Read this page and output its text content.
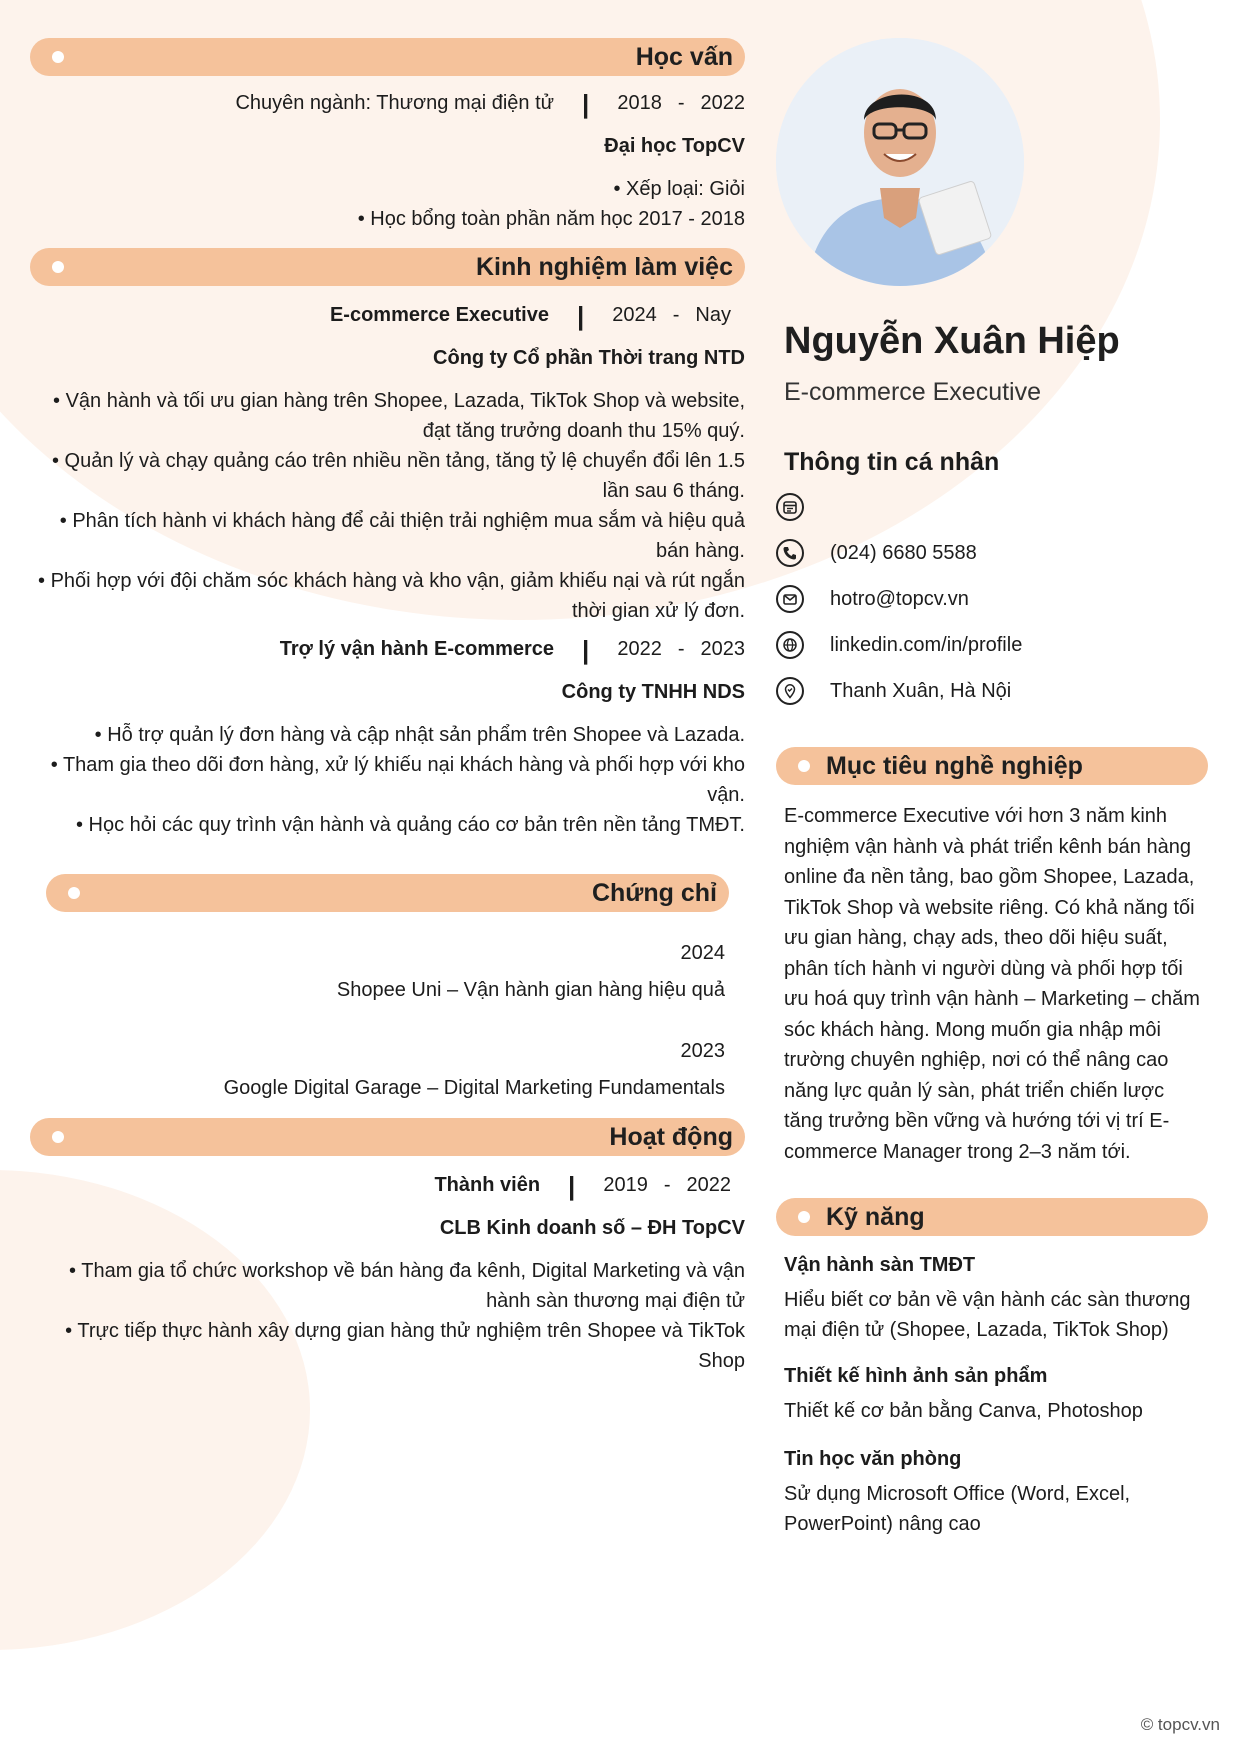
Học vấn
Chuyên ngành: Thương mại điện tử | 2018 - 2022
Đại học TopCV
• Xếp loại: Giỏi
• Học bổng toàn phần năm học 2017 - 2018
Kinh nghiệm làm việc
E-commerce Executive | 2024 - Nay
Công ty Cổ phần Thời trang NTD
• Vận hành và tối ưu gian hàng trên Shopee, Lazada, TikTok Shop và website, đạt tăng trưởng doanh thu 15% quý.
• Quản lý và chạy quảng cáo trên nhiều nền tảng, tăng tỷ lệ chuyển đổi lên 1.5 lần sau 6 tháng.
• Phân tích hành vi khách hàng để cải thiện trải nghiệm mua sắm và hiệu quả bán hàng.
• Phối hợp với đội chăm sóc khách hàng và kho vận, giảm khiếu nại và rút ngắn thời gian xử lý đơn.
Trợ lý vận hành E-commerce | 2022 - 2023
Công ty TNHH NDS
• Hỗ trợ quản lý đơn hàng và cập nhật sản phẩm trên Shopee và Lazada.
• Tham gia theo dõi đơn hàng, xử lý khiếu nại khách hàng và phối hợp với kho vận.
• Học hỏi các quy trình vận hành và quảng cáo cơ bản trên nền tảng TMĐT.
Chứng chỉ
2024
Shopee Uni – Vận hành gian hàng hiệu quả
2023
Google Digital Garage – Digital Marketing Fundamentals
Hoạt động
Thành viên | 2019 - 2022
CLB Kinh doanh số – ĐH TopCV
• Tham gia tổ chức workshop về bán hàng đa kênh, Digital Marketing và vận hành sàn thương mại điện tử
• Trực tiếp thực hành xây dựng gian hàng thử nghiệm trên Shopee và TikTok Shop
Nguyễn Xuân Hiệp
E-commerce Executive
Thông tin cá nhân
(024) 6680 5588
hotro@topcv.vn
linkedin.com/in/profile
Thanh Xuân, Hà Nội
Mục tiêu nghề nghiệp
E-commerce Executive với hơn 3 năm kinh nghiệm vận hành và phát triển kênh bán hàng online đa nền tảng, bao gồm Shopee, Lazada, TikTok Shop và website riêng. Có khả năng tối ưu gian hàng, chạy ads, theo dõi hiệu suất, phân tích hành vi người dùng và phối hợp tối ưu hoá quy trình vận hành – Marketing – chăm sóc khách hàng. Mong muốn gia nhập môi trường chuyên nghiệp, nơi có thể nâng cao năng lực quản lý sàn, phát triển chiến lược tăng trưởng bền vững và hướng tới vị trí E-commerce Manager trong 2–3 năm tới.
Kỹ năng
Vận hành sàn TMĐT
Hiểu biết cơ bản về vận hành các sàn thương mại điện tử (Shopee, Lazada, TikTok Shop)
Thiết kế hình ảnh sản phẩm
Thiết kế cơ bản bằng Canva, Photoshop
Tin học văn phòng
Sử dụng Microsoft Office (Word, Excel, PowerPoint) nâng cao
© topcv.vn
